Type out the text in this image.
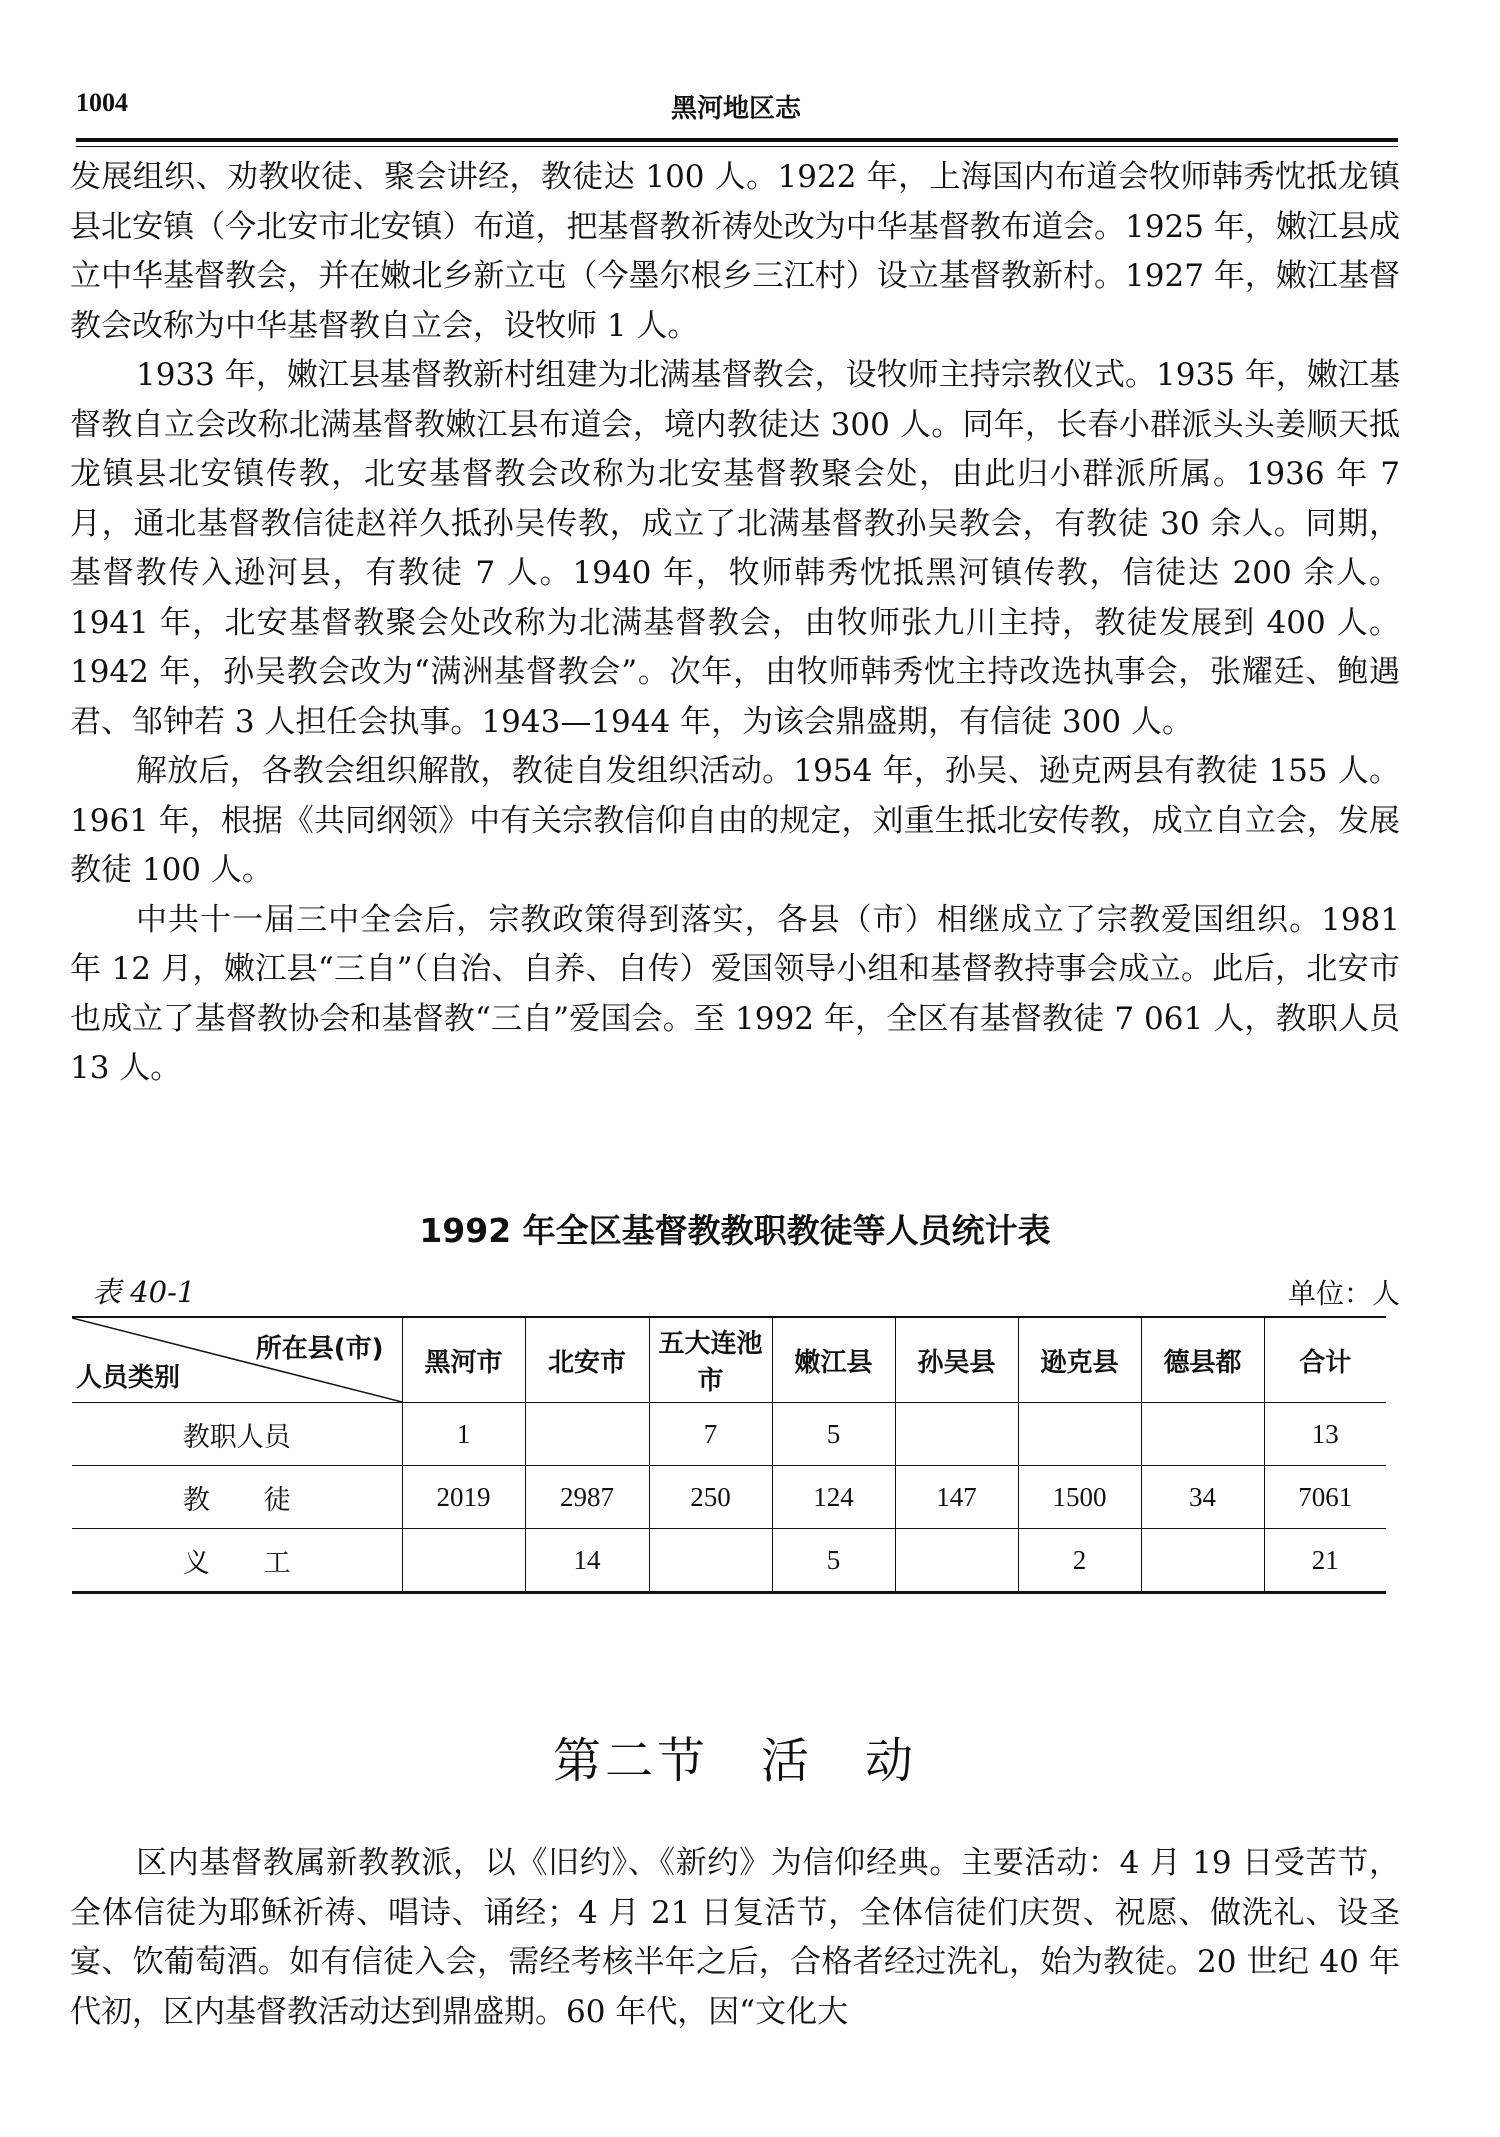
1004	黑河地区志

发展组织、劝教收徒、聚会讲经，教徒达 100 人。1922 年，上海国内布道会牧师韩秀忱抵龙镇县北安镇（今北安市北安镇）布道，把基督教祈祷处改为中华基督教布道会。1925 年，嫩江县成立中华基督教会，并在嫩北乡新立屯（今墨尔根乡三江村）设立基督教新村。1927 年，嫩江基督教会改称为中华基督教自立会，设牧师 1 人。

1933 年，嫩江县基督教新村组建为北满基督教会，设牧师主持宗教仪式。1935 年，嫩江基督教自立会改称北满基督教嫩江县布道会，境内教徒达 300 人。同年，长春小群派头头姜顺天抵龙镇县北安镇传教，北安基督教会改称为北安基督教聚会处，由此归小群派所属。1936 年 7 月，通北基督教信徒赵祥久抵孙吴传教，成立了北满基督教孙吴教会，有教徒 30 余人。同期，基督教传入逊河县，有教徒 7 人。1940 年，牧师韩秀忱抵黑河镇传教，信徒达 200 余人。1941 年，北安基督教聚会处改称为北满基督教会，由牧师张九川主持，教徒发展到 400 人。1942 年，孙吴教会改为“满洲基督教会”。次年，由牧师韩秀忱主持改选执事会，张耀廷、鲍遇君、邹钟若 3 人担任会执事。1943—1944 年，为该会鼎盛期，有信徒 300 人。

解放后，各教会组织解散，教徒自发组织活动。1954 年，孙吴、逊克两县有教徒 155 人。1961 年，根据《共同纲领》中有关宗教信仰自由的规定，刘重生抵北安传教，成立自立会，发展教徒 100 人。

中共十一届三中全会后，宗教政策得到落实，各县（市）相继成立了宗教爱国组织。1981 年 12 月，嫩江县“三自”（自治、自养、自传）爱国领导小组和基督教持事会成立。此后，北安市也成立了基督教协会和基督教“三自”爱国会。至 1992 年，全区有基督教徒 7 061 人，教职人员 13 人。

1992 年全区基督教教职教徒等人员统计表
表 40-1	单位：人
所在县(市)
人员类别	黑河市	北安市	五大连池 市	嫩江县	孙吴县	逊克县	德县都	合计
教职人员	1		7	5				13
教　　徒	2019	2987	250	124	147	1500	34	7061
义　　工		14		5		2		21
第二节　活　动

区内基督教属新教教派，以《旧约》、《新约》为信仰经典。主要活动：4 月 19 日受苦节，全体信徒为耶稣祈祷、唱诗、诵经；4 月 21 日复活节，全体信徒们庆贺、祝愿、做洗礼、设圣宴、饮葡萄酒。如有信徒入会，需经考核半年之后，合格者经过洗礼，始为教徒。20 世纪 40 年代初，区内基督教活动达到鼎盛期。60 年代，因“文化大
